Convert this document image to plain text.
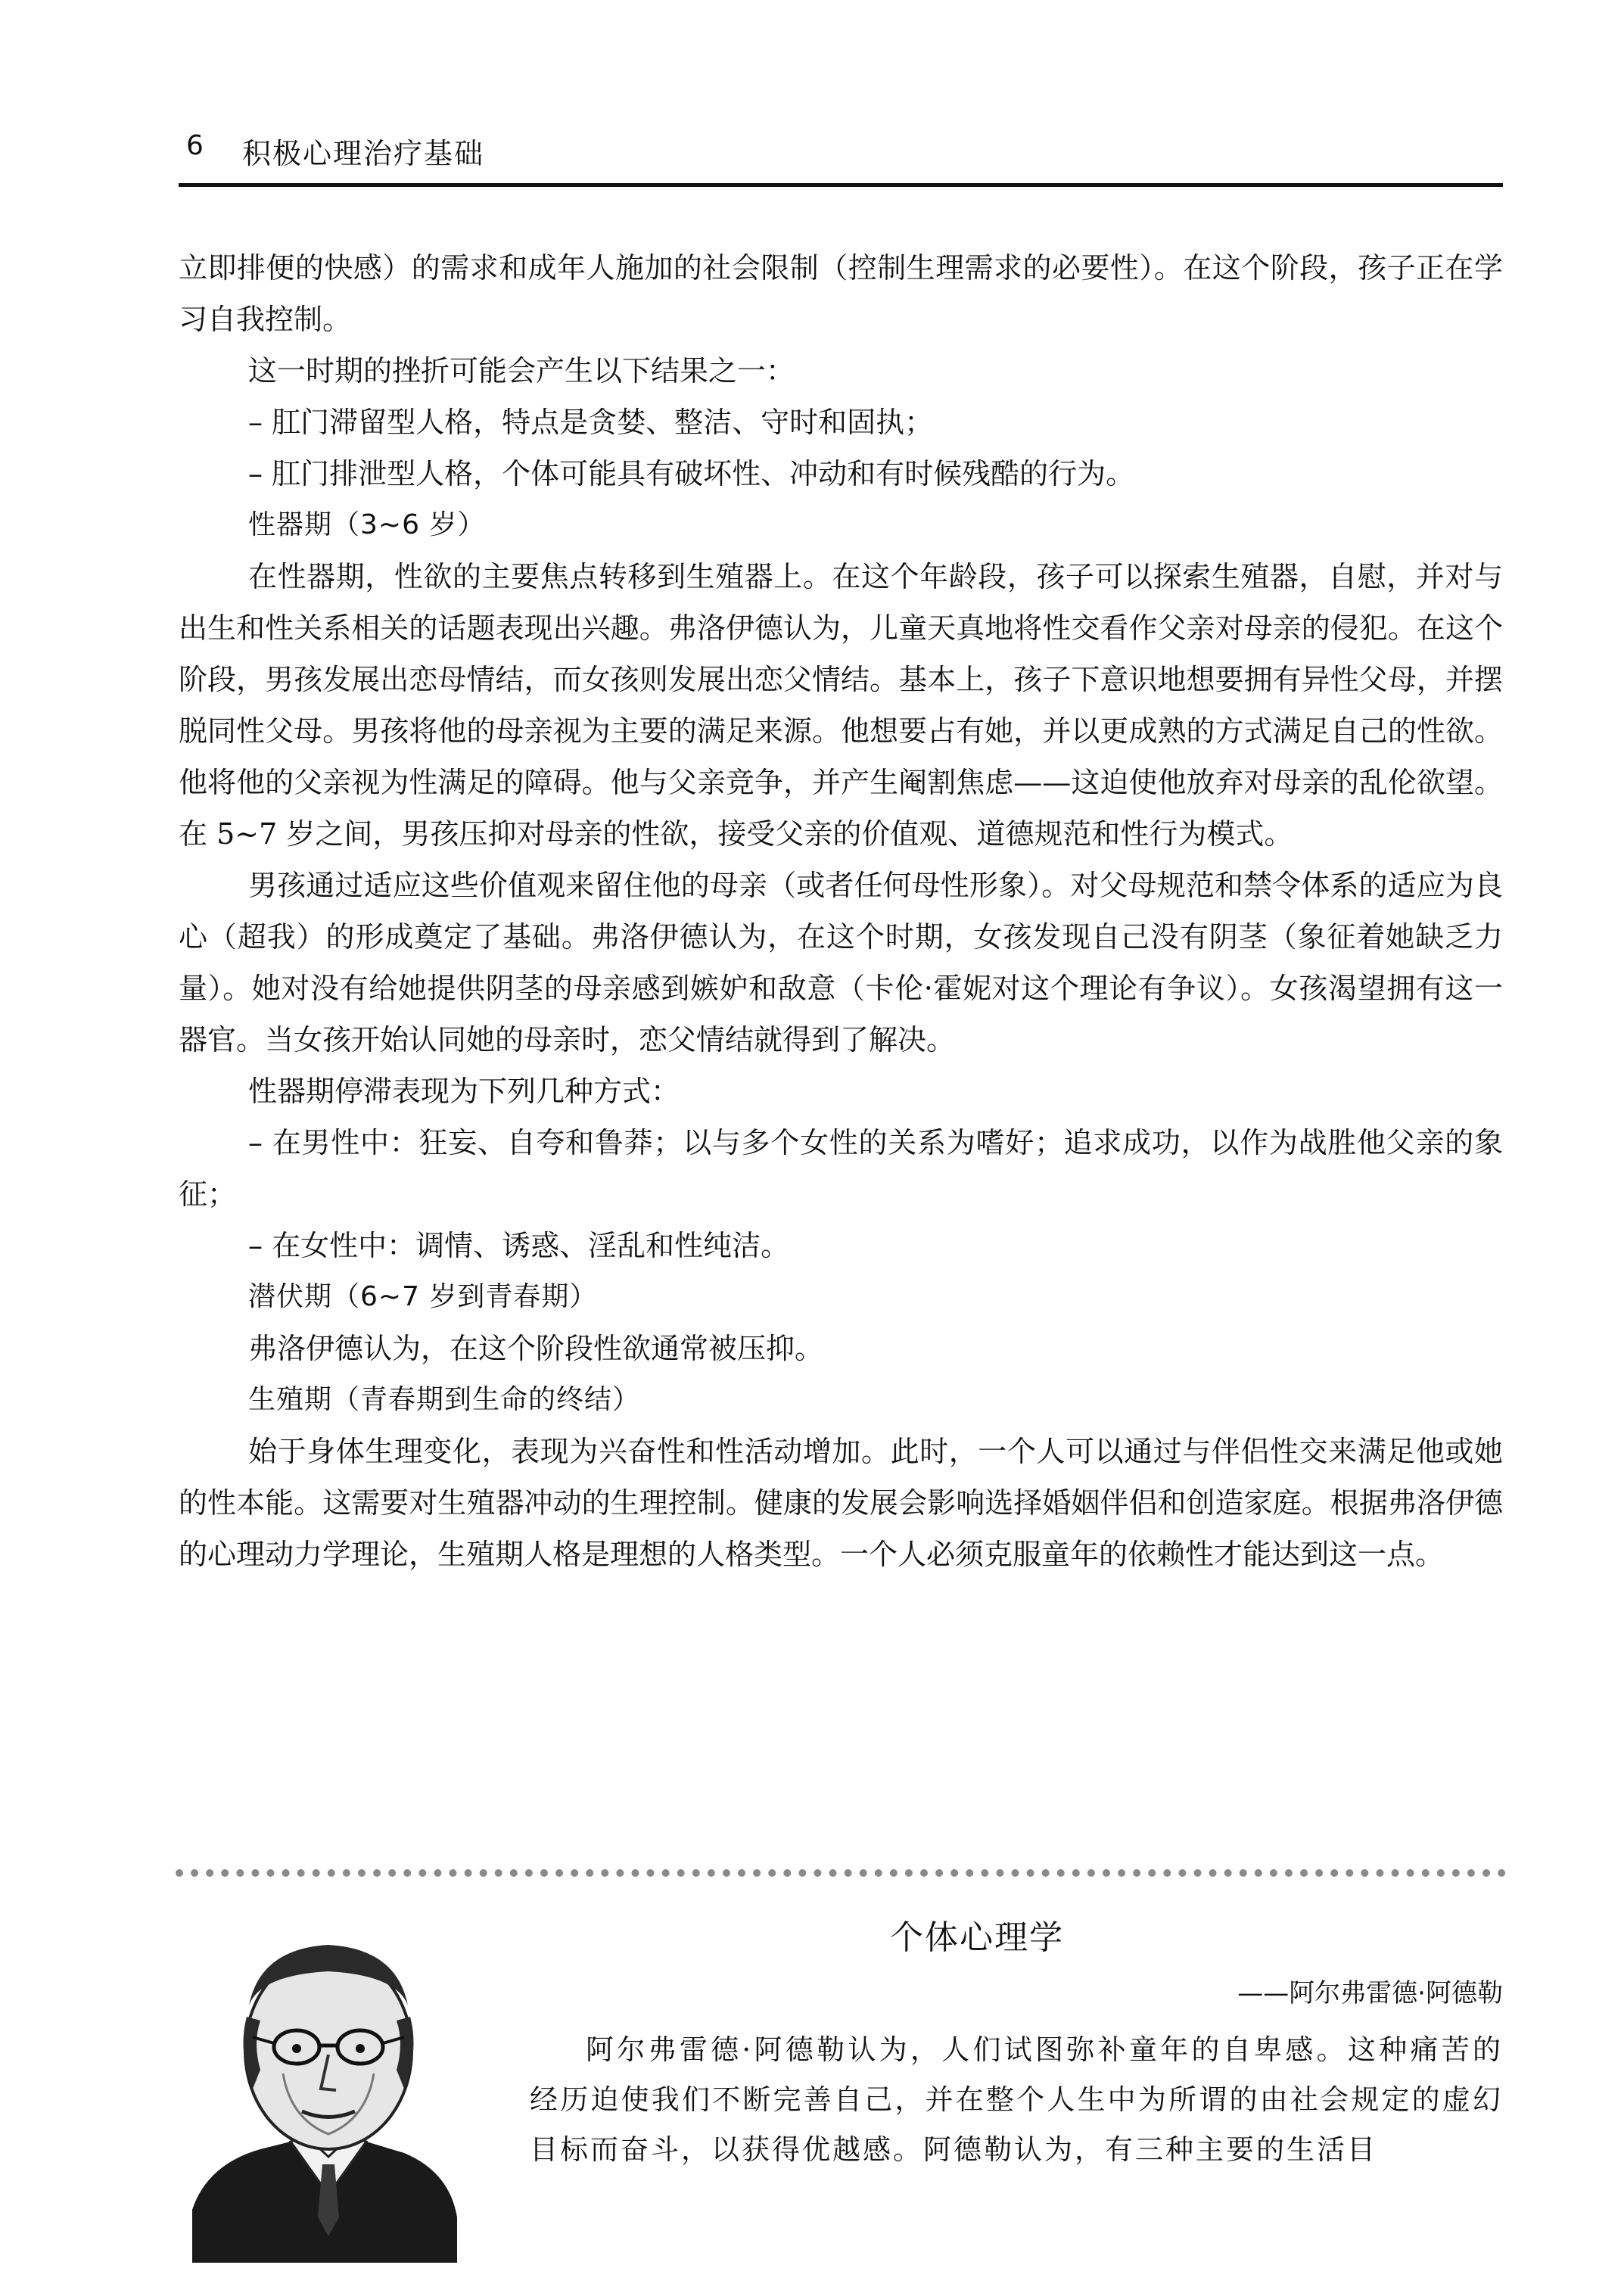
6 积极心理治疗基础

立即排便的快感）的需求和成年人施加的社会限制（控制生理需求的必要性）。在这个阶段，孩子正在学习自我控制。

这一时期的挫折可能会产生以下结果之一：

– 肛门滞留型人格，特点是贪婪、整洁、守时和固执；

– 肛门排泄型人格，个体可能具有破坏性、冲动和有时候残酷的行为。

性器期（3~6 岁）

在性器期，性欲的主要焦点转移到生殖器上。在这个年龄段，孩子可以探索生殖器，自慰，并对与出生和性关系相关的话题表现出兴趣。弗洛伊德认为，儿童天真地将性交看作父亲对母亲的侵犯。在这个阶段，男孩发展出恋母情结，而女孩则发展出恋父情结。基本上，孩子下意识地想要拥有异性父母，并摆脱同性父母。男孩将他的母亲视为主要的满足来源。他想要占有她，并以更成熟的方式满足自己的性欲。他将他的父亲视为性满足的障碍。他与父亲竞争，并产生阉割焦虑——这迫使他放弃对母亲的乱伦欲望。在 5~7 岁之间，男孩压抑对母亲的性欲，接受父亲的价值观、道德规范和性行为模式。

男孩通过适应这些价值观来留住他的母亲（或者任何母性形象）。对父母规范和禁令体系的适应为良心（超我）的形成奠定了基础。弗洛伊德认为，在这个时期，女孩发现自己没有阴茎（象征着她缺乏力量）。她对没有给她提供阴茎的母亲感到嫉妒和敌意（卡伦·霍妮对这个理论有争议）。女孩渴望拥有这一器官。当女孩开始认同她的母亲时，恋父情结就得到了解决。

性器期停滞表现为下列几种方式：

– 在男性中：狂妄、自夸和鲁莽；以与多个女性的关系为嗜好；追求成功，以作为战胜他父亲的象征；

– 在女性中：调情、诱惑、淫乱和性纯洁。

潜伏期（6~7 岁到青春期）

弗洛伊德认为，在这个阶段性欲通常被压抑。

生殖期（青春期到生命的终结）

始于身体生理变化，表现为兴奋性和性活动增加。此时，一个人可以通过与伴侣性交来满足他或她的性本能。这需要对生殖器冲动的生理控制。健康的发展会影响选择婚姻伴侣和创造家庭。根据弗洛伊德的心理动力学理论，生殖期人格是理想的人格类型。一个人必须克服童年的依赖性才能达到这一点。

个体心理学
——阿尔弗雷德·阿德勒

阿尔弗雷德·阿德勒认为，人们试图弥补童年的自卑感。这种痛苦的经历迫使我们不断完善自己，并在整个人生中为所谓的由社会规定的虚幻目标而奋斗，以获得优越感。阿德勒认为，有三种主要的生活目
